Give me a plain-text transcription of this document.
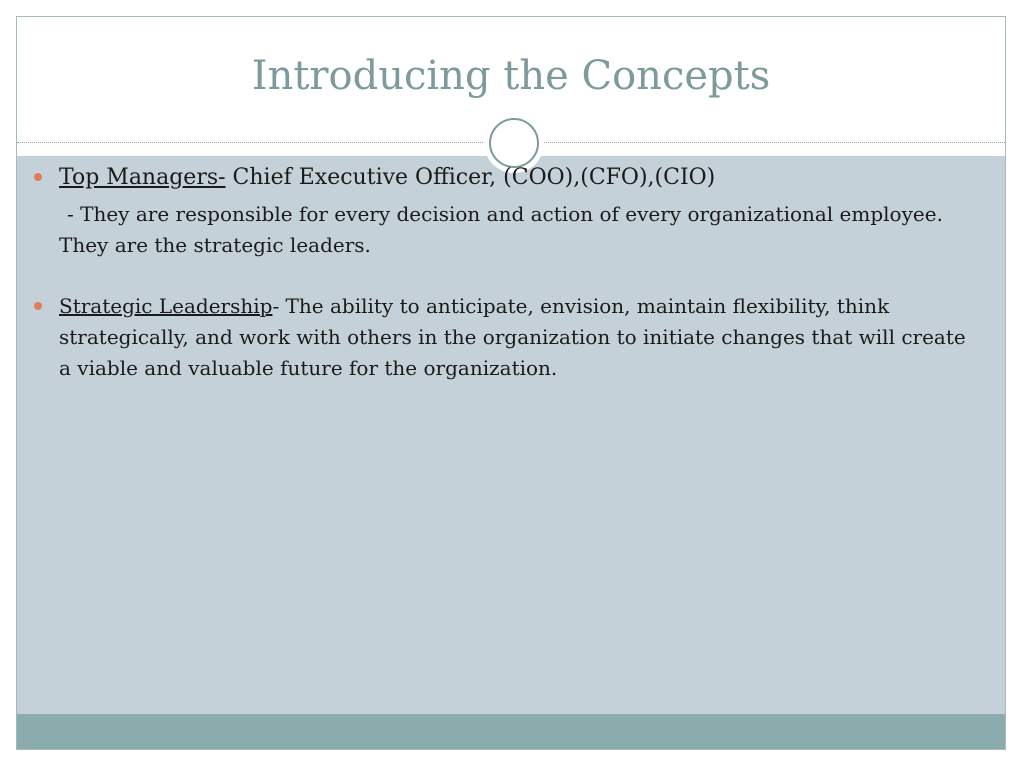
Introducing the Concepts
Top Managers- Chief Executive Officer, (COO),(CFO),(CIO)
- They are responsible for every decision and action of every organizational employee. They are the strategic leaders.
Strategic Leadership- The ability to anticipate, envision, maintain flexibility, think strategically, and work with others in the organization to initiate changes that will create a viable and valuable future for the organization.
